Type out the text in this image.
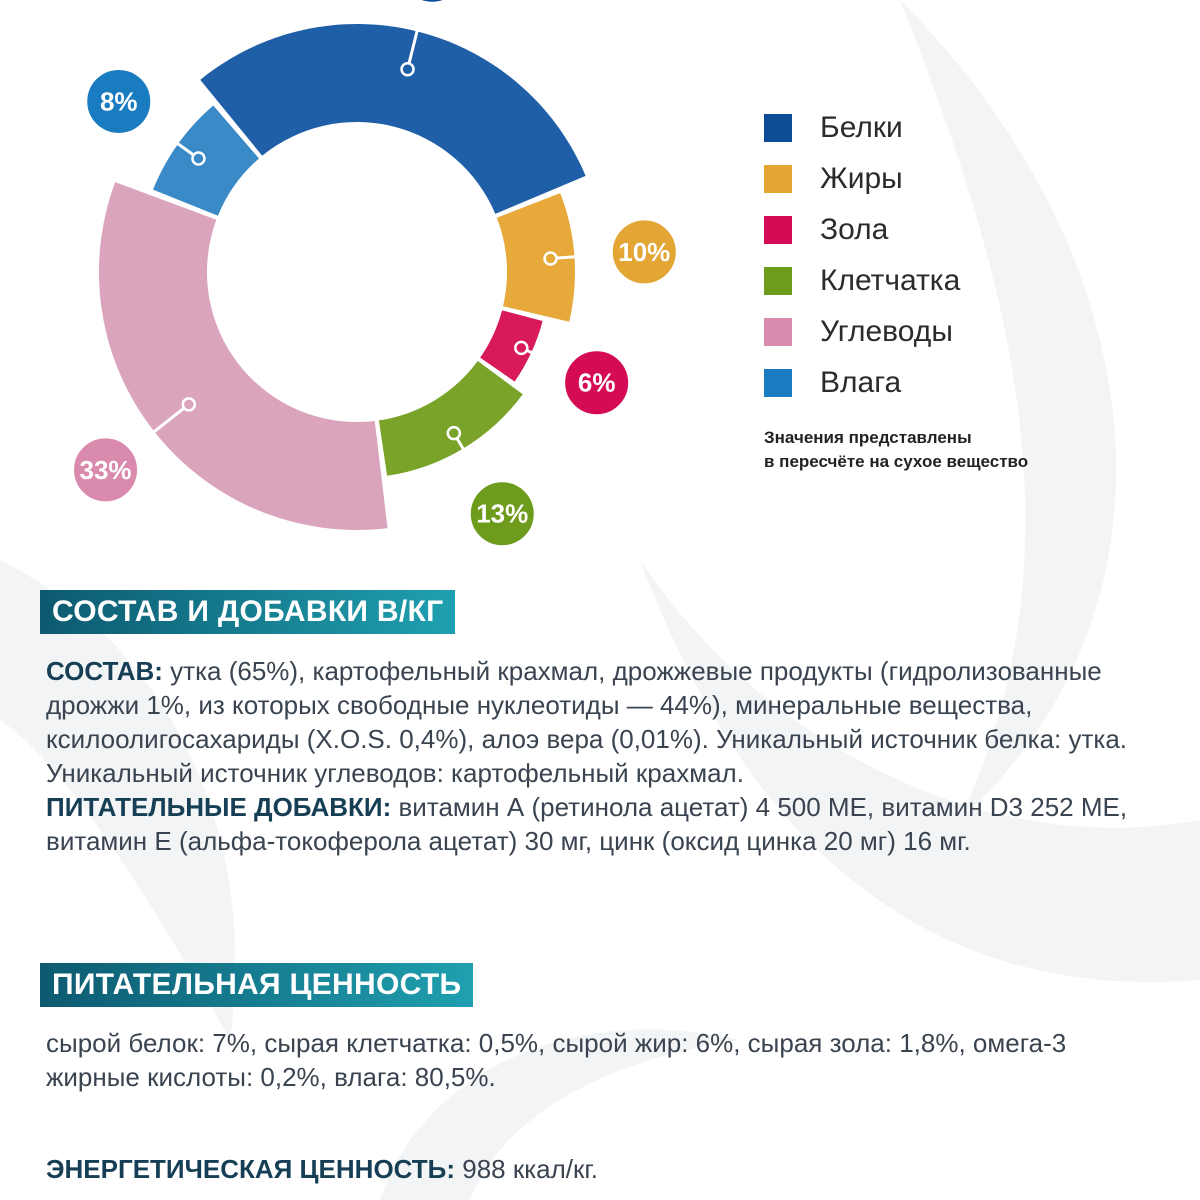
10%
6%
13%
33%
8%
Белки
Жиры
Зола
Клетчатка
Углеводы
Влага
Значения представлены
в пересчёте на сухое вещество
СОСТАВ И ДОБАВКИ В/КГ
СОСТАВ: утка (65%), картофельный крахмал, дрожжевые продукты (гидролизованные дрожжи 1%, из которых свободные нуклеотиды — 44%), минеральные вещества, ксилоолигосахариды (X.O.S. 0,4%), алоэ вера (0,01%). Уникальный источник белка: утка. Уникальный источник углеводов: картофельный крахмал.
ПИТАТЕЛЬНЫЕ ДОБАВКИ: витамин А (ретинола ацетат) 4 500 МЕ, витамин D3 252 МЕ, витамин Е (альфа-токоферола ацетат) 30 мг, цинк (оксид цинка 20 мг) 16 мг.
ПИТАТЕЛЬНАЯ ЦЕННОСТЬ
сырой белок: 7%, сырая клетчатка: 0,5%, сырой жир: 6%, сырая зола: 1,8%, омега-3 жирные кислоты: 0,2%, влага: 80,5%.
ЭНЕРГЕТИЧЕСКАЯ ЦЕННОСТЬ: 988 ккал/кг.
